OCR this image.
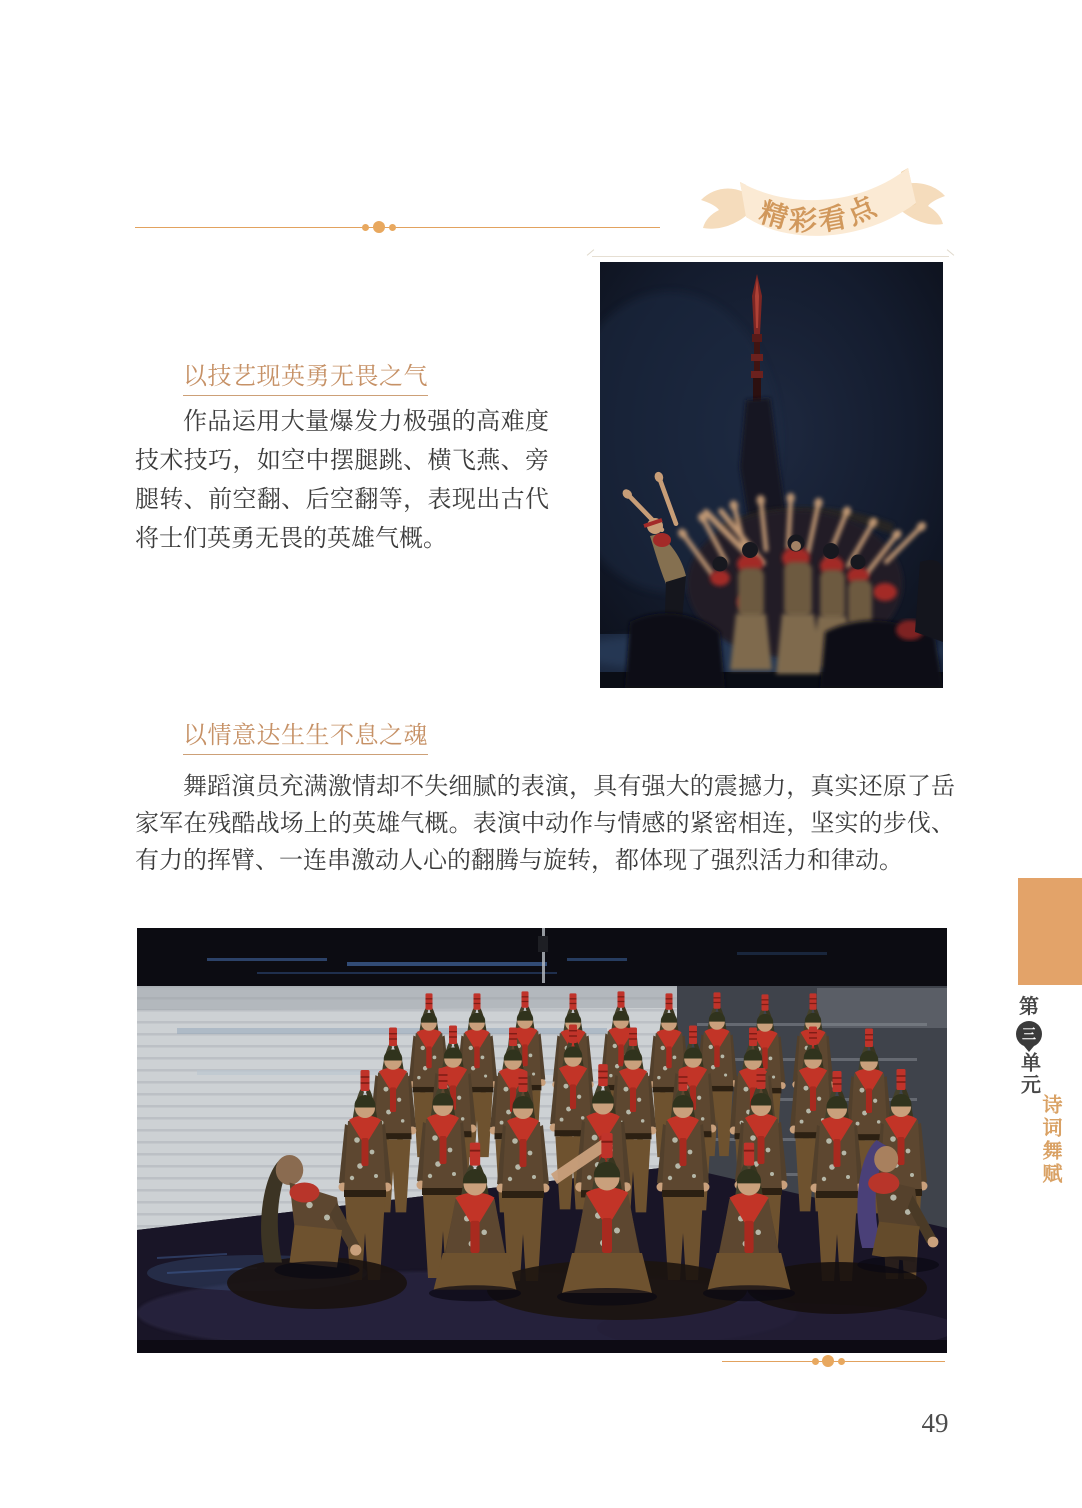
精彩看点
以技艺现英勇无畏之气

作品运用大量爆发力极强的高难度技术技巧，如空中摆腿跳、横飞燕、旁腿转、前空翻、后空翻等，表现出古代将士们英勇无畏的英雄气概。

以情意达生生不息之魂

舞蹈演员充满激情却不失细腻的表演，具有强大的震撼力，真实还原了岳家军在残酷战场上的英雄气概。表演中动作与情感的紧密相连，坚实的步伐、有力的挥臂、一连串激动人心的翻腾与旋转，都体现了强烈活力和律动。

第
三
单元
诗词舞赋
49
